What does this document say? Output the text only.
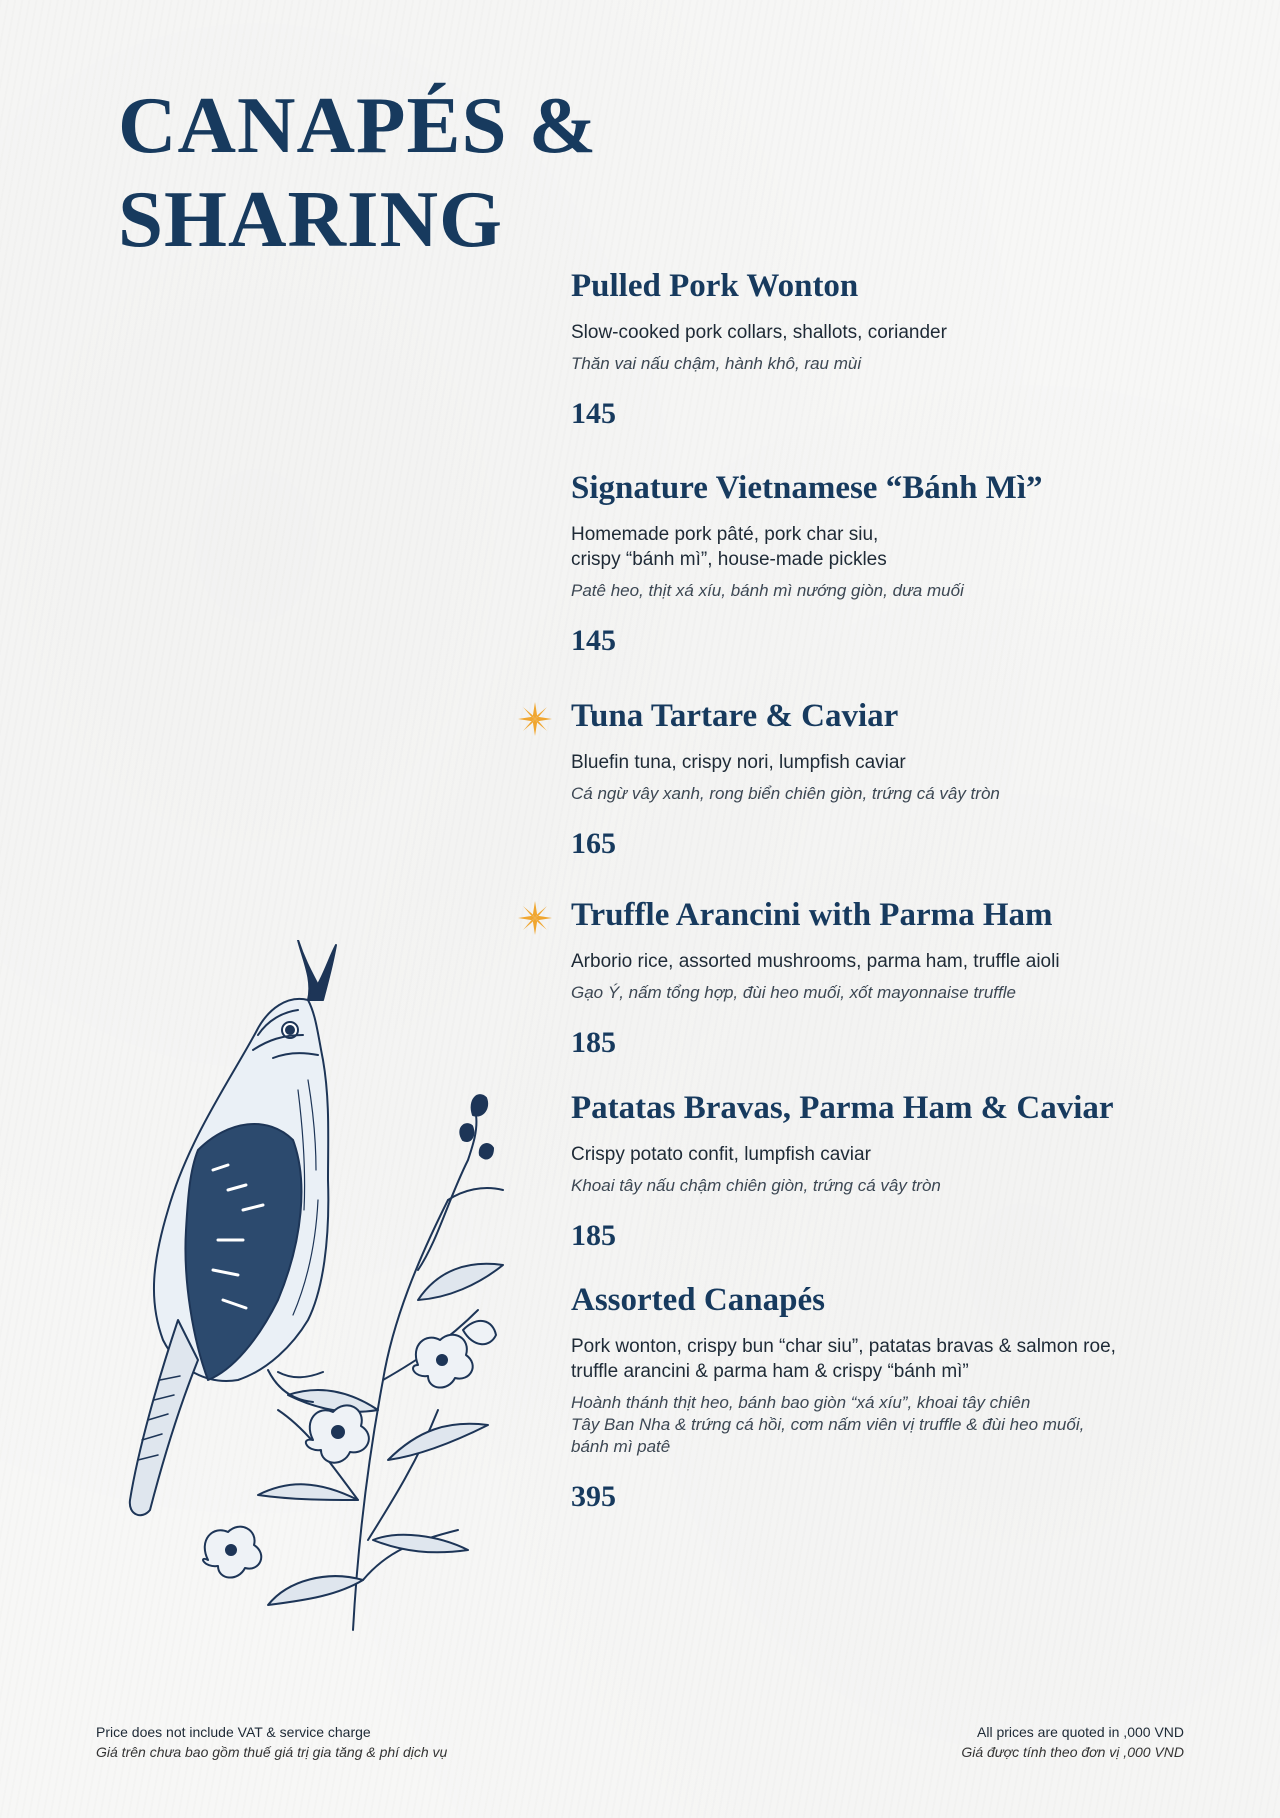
CANAPÉS &
SHARING
Pulled Pork Wonton
Slow-cooked pork collars, shallots, coriander
Thăn vai nấu chậm, hành khô, rau mùi
145
Signature Vietnamese “Bánh Mì”
Homemade pork pâté, pork char siu,
crispy “bánh mì”, house-made pickles
Patê heo, thịt xá xíu, bánh mì nướng giòn, dưa muối
145
Tuna Tartare & Caviar
Bluefin tuna, crispy nori, lumpfish caviar
Cá ngừ vây xanh, rong biển chiên giòn, trứng cá vây tròn
165
Truffle Arancini with Parma Ham
Arborio rice, assorted mushrooms, parma ham, truffle aioli
Gạo Ý, nấm tổng hợp, đùi heo muối, xốt mayonnaise truffle
185
Patatas Bravas, Parma Ham & Caviar
Crispy potato confit, lumpfish caviar
Khoai tây nấu chậm chiên giòn, trứng cá vây tròn
185
Assorted Canapés
Pork wonton, crispy bun “char siu”, patatas bravas & salmon roe,
truffle arancini & parma ham & crispy “bánh mì”
Hoành thánh thịt heo, bánh bao giòn “xá xíu”, khoai tây chiên
Tây Ban Nha & trứng cá hồi, cơm nấm viên vị truffle & đùi heo muối,
bánh mì patê
395
Price does not include VAT & service charge
Giá trên chưa bao gồm thuế giá trị gia tăng & phí dịch vụ
All prices are quoted in ,000 VND
Giá được tính theo đơn vị ,000 VND
